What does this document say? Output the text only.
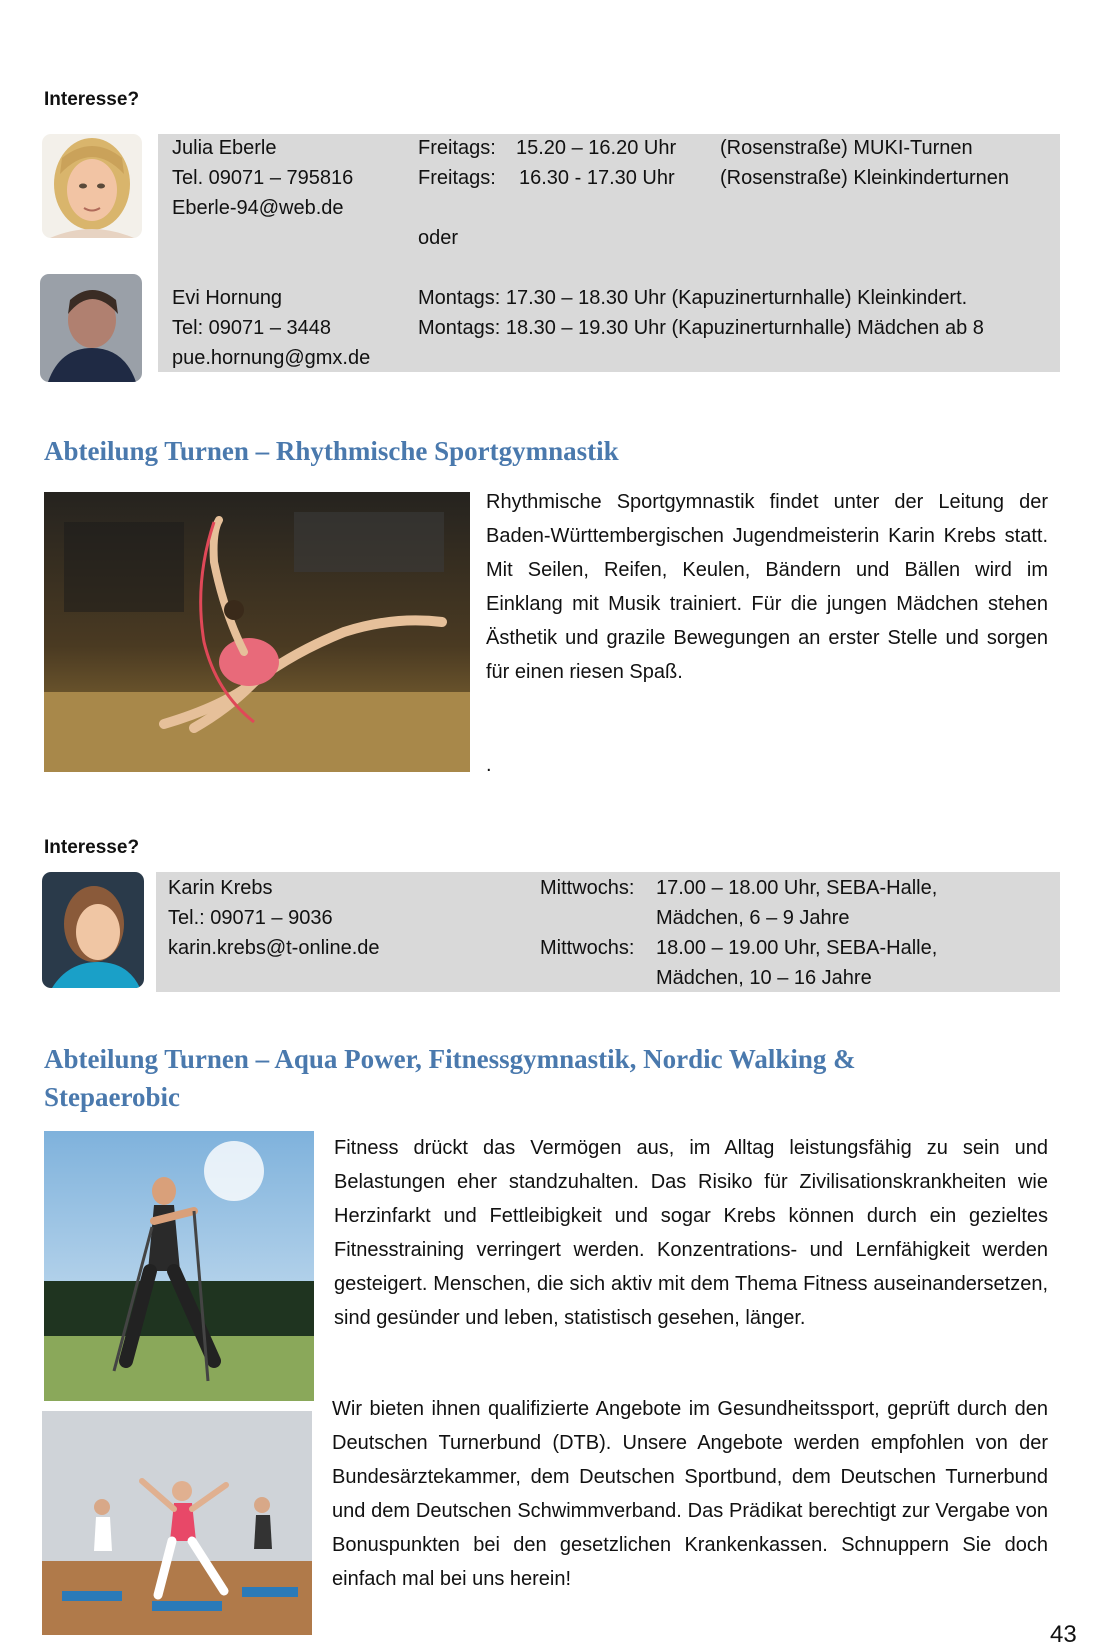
Interesse?
Julia Eberle
Tel. 09071 – 795816
Eberle-94@web.de
Freitags: 15.20 – 16.20 Uhr (Rosenstraße) MUKI-Turnen
Freitags: 16.30 - 17.30 Uhr (Rosenstraße) Kleinkinderturnen
oder
Evi Hornung
Tel: 09071 – 3448
pue.hornung@gmx.de
Montags: 17.30 – 18.30 Uhr (Kapuzinerturnhalle) Kleinkindert.
Montags: 18.30 – 19.30 Uhr (Kapuzinerturnhalle) Mädchen ab 8
Abteilung Turnen – Rhythmische Sportgymnastik
Rhythmische Sportgymnastik findet unter der Leitung der Baden-Württembergischen Jugendmeisterin Karin Krebs statt. Mit Seilen, Reifen, Keulen, Bändern und Bällen wird im Einklang mit Musik trainiert. Für die jungen Mädchen stehen Ästhetik und grazile Bewegungen an erster Stelle und sorgen für einen riesen Spaß.
.
Interesse?
Karin Krebs
Tel.: 09071 – 9036
karin.krebs@t-online.de
Mittwochs: 17.00 – 18.00 Uhr, SEBA-Halle,
Mädchen, 6 – 9 Jahre
Mittwochs: 18.00 – 19.00 Uhr, SEBA-Halle,
Mädchen, 10 – 16 Jahre
Abteilung Turnen – Aqua Power, Fitnessgymnastik, Nordic Walking &
Stepaerobic
Fitness drückt das Vermögen aus, im Alltag leistungsfähig zu sein und Belastungen eher standzuhalten. Das Risiko für Zivilisationskrankheiten wie Herzinfarkt und Fettleibigkeit und sogar Krebs können durch ein gezieltes Fitnesstraining verringert werden. Konzentrations- und Lernfähigkeit werden gesteigert. Menschen, die sich aktiv mit dem Thema Fitness auseinandersetzen, sind gesünder und leben, statistisch gesehen, länger.
Wir bieten ihnen qualifizierte Angebote im Gesundheitssport, geprüft durch den Deutschen Turnerbund (DTB). Unsere Angebote werden empfohlen von der Bundesärztekammer, dem Deutschen Sportbund, dem Deutschen Turnerbund und dem Deutschen Schwimmverband. Das Prädikat berechtigt zur Vergabe von Bonuspunkten bei den gesetzlichen Krankenkassen. Schnuppern Sie doch einfach mal bei uns herein!
43
